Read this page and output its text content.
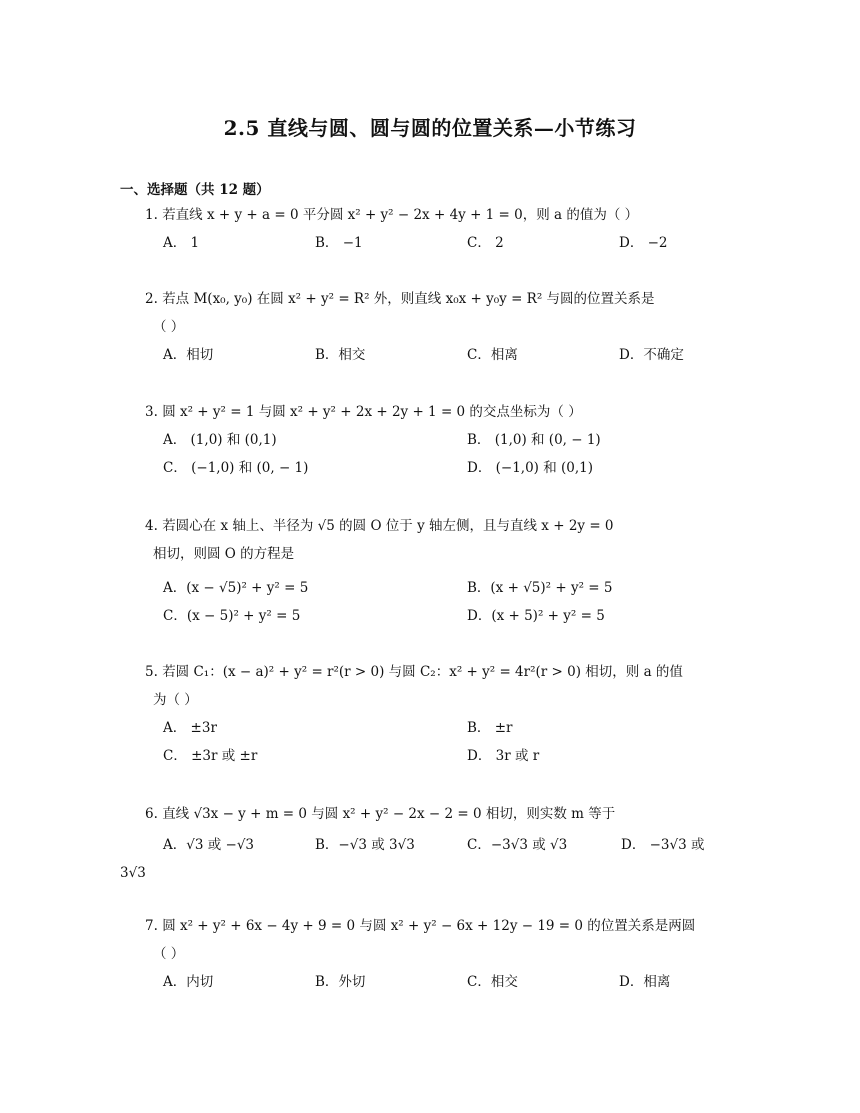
2.5 直线与圆、圆与圆的位置关系—小节练习
一、选择题（共 12 题）
1. 若直线 x + y + a = 0 平分圆 x² + y² − 2x + 4y + 1 = 0，则 a 的值为（ ）
A． 1	B． −1	C． 2	D． −2
2. 若点 M(x₀, y₀) 在圆 x² + y² = R² 外，则直线 x₀x + y₀y = R² 与圆的位置关系是
（ ）
A．相切	B．相交	C．相离	D．不确定
3. 圆 x² + y² = 1 与圆 x² + y² + 2x + 2y + 1 = 0 的交点坐标为（ ）
A． (1,0) 和 (0,1)	B． (1,0) 和 (0, − 1)
C． (−1,0) 和 (0, − 1)	D． (−1,0) 和 (0,1)
4. 若圆心在 x 轴上、半径为 √5 的圆 O 位于 y 轴左侧，且与直线 x + 2y = 0
相切，则圆 O 的方程是
A．(x − √5)² + y² = 5	B．(x + √5)² + y² = 5
C．(x − 5)² + y² = 5	D．(x + 5)² + y² = 5
5. 若圆 C₁：(x − a)² + y² = r²(r > 0) 与圆 C₂：x² + y² = 4r²(r > 0) 相切，则 a 的值
为（ ）
A． ±3r	B． ±r
C． ±3r 或 ±r	D． 3r 或 r
6. 直线 √3x − y + m = 0 与圆 x² + y² − 2x − 2 = 0 相切，则实数 m 等于
A．√3 或 −√3	B．−√3 或 3√3	C．−3√3 或 √3	D． −3√3 或
3√3
7. 圆 x² + y² + 6x − 4y + 9 = 0 与圆 x² + y² − 6x + 12y − 19 = 0 的位置关系是两圆
（ ）
A．内切	B．外切	C．相交	D．相离
